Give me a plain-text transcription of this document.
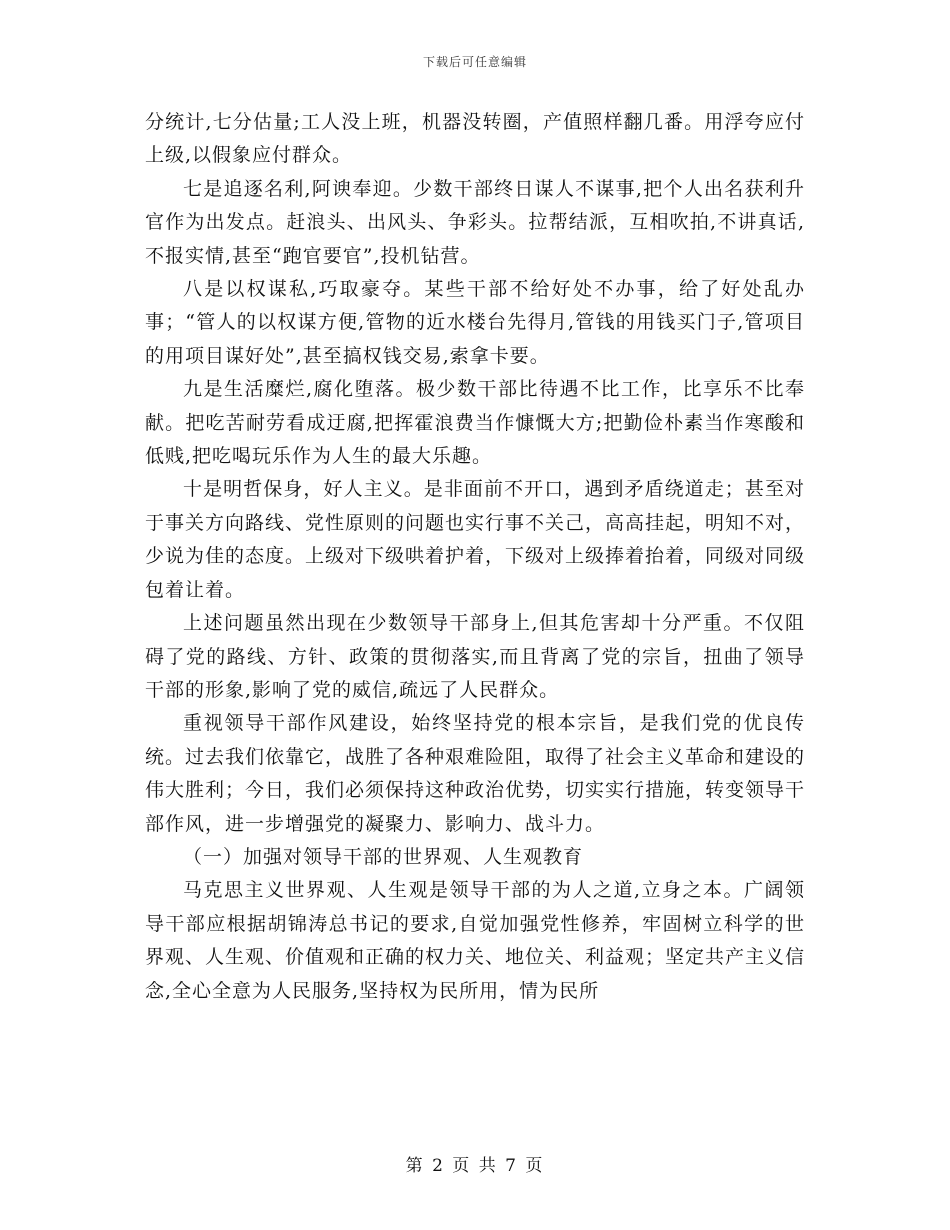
下载后可任意编辑

分统计,七分估量;工人没上班，机器没转圈，产值照样翻几番。用浮夸应付上级,以假象应付群众。

七是追逐名利,阿谀奉迎。少数干部终日谋人不谋事,把个人出名获利升官作为出发点。赶浪头、出风头、争彩头。拉帮结派，互相吹拍,不讲真话,不报实情,甚至“跑官要官”,投机钻营。

八是以权谋私,巧取豪夺。某些干部不给好处不办事，给了好处乱办事；“管人的以权谋方便,管物的近水楼台先得月,管钱的用钱买门子,管项目的用项目谋好处”,甚至搞权钱交易,索拿卡要。

九是生活糜烂,腐化堕落。极少数干部比待遇不比工作，比享乐不比奉献。把吃苦耐劳看成迂腐,把挥霍浪费当作慷慨大方;把勤俭朴素当作寒酸和低贱,把吃喝玩乐作为人生的最大乐趣。

十是明哲保身，好人主义。是非面前不开口，遇到矛盾绕道走；甚至对于事关方向路线、党性原则的问题也实行事不关己，高高挂起，明知不对，少说为佳的态度。上级对下级哄着护着，下级对上级捧着抬着，同级对同级包着让着。

上述问题虽然出现在少数领导干部身上,但其危害却十分严重。不仅阻碍了党的路线、方针、政策的贯彻落实,而且背离了党的宗旨，扭曲了领导干部的形象,影响了党的威信,疏远了人民群众。

重视领导干部作风建设，始终坚持党的根本宗旨，是我们党的优良传统。过去我们依靠它，战胜了各种艰难险阻，取得了社会主义革命和建设的伟大胜利；今日，我们必须保持这种政治优势，切实实行措施，转变领导干部作风，进一步增强党的凝聚力、影响力、战斗力。

（一）加强对领导干部的世界观、人生观教育

马克思主义世界观、人生观是领导干部的为人之道,立身之本。广阔领导干部应根据胡锦涛总书记的要求,自觉加强党性修养，牢固树立科学的世界观、人生观、价值观和正确的权力关、地位关、利益观；坚定共产主义信念,全心全意为人民服务,坚持权为民所用，情为民所

第 2 页 共 7 页
